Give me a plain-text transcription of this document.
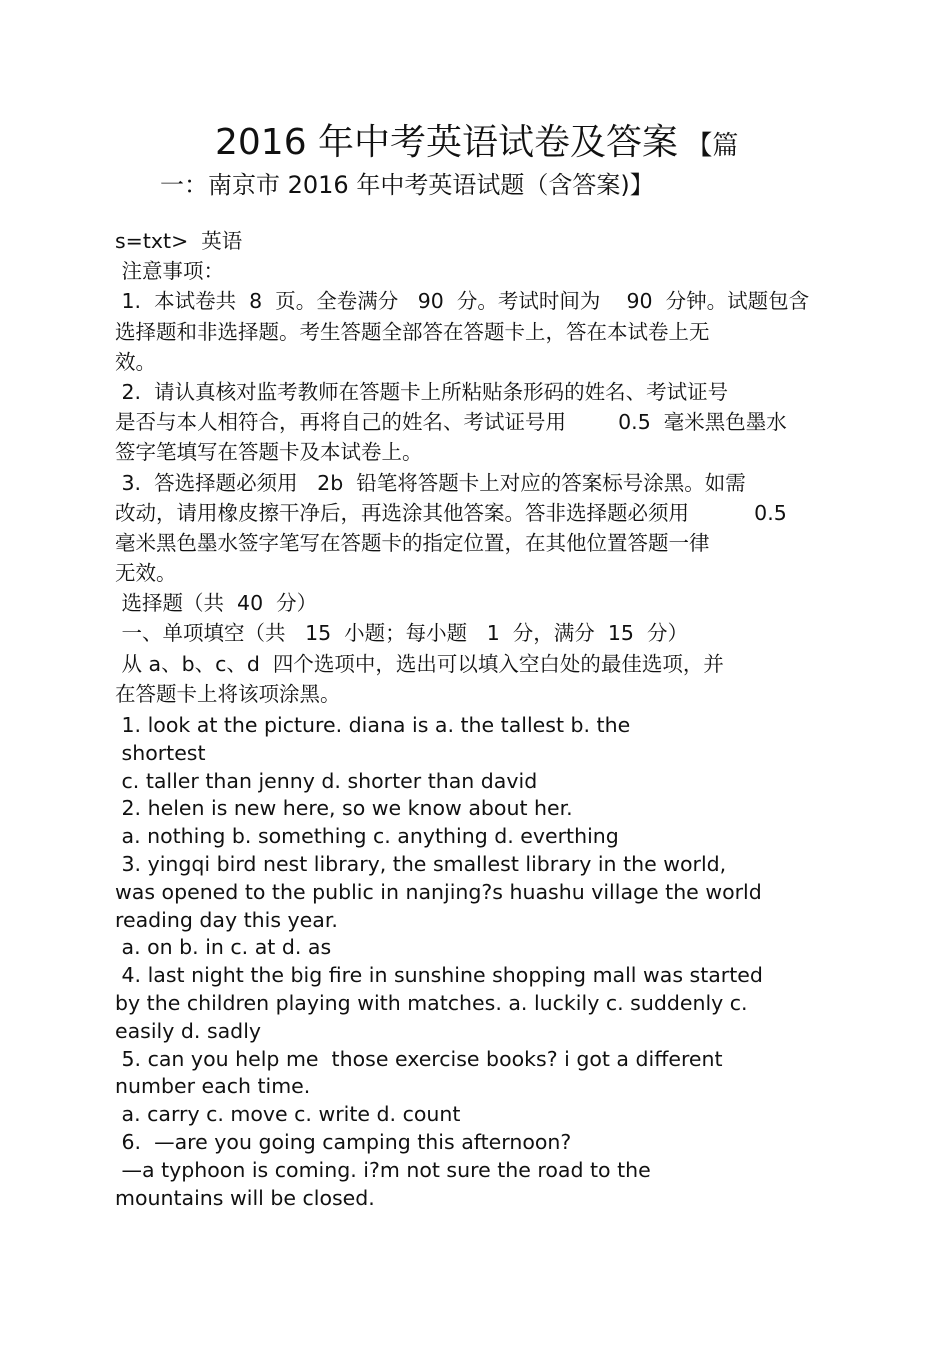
2016 年中考英语试卷及答案 【篇
一：南京市 2016 年中考英语试题（含答案)】
s=txt>  英语
注意事项：
1.  本试卷共  8  页。全卷满分   90  分。考试时间为    90  分钟。试题包含
选择题和非选择题。考生答题全部答在答题卡上，答在本试卷上无
效。
2.  请认真核对监考教师在答题卡上所粘贴条形码的姓名、考试证号
是否与本人相符合，再将自己的姓名、考试证号用        0.5  毫米黑色墨水
签字笔填写在答题卡及本试卷上。
3.  答选择题必须用   2b  铅笔将答题卡上对应的答案标号涂黑。如需
改动，请用橡皮擦干净后，再选涂其他答案。答非选择题必须用          0.5
毫米黑色墨水签字笔写在答题卡的指定位置，在其他位置答题一律
无效。
选择题（共  40  分）
一、单项填空（共   15  小题；每小题   1  分，满分  15  分）
从 a、b、c、d  四个选项中，选出可以填入空白处的最佳选项，并
在答题卡上将该项涂黑。
1. look at the picture. diana is a. the tallest b. the
shortest
c. taller than jenny d. shorter than david
2. helen is new here, so we know about her.
a. nothing b. something c. anything d. everthing
3. yingqi bird nest library, the smallest library in the world,
was opened to the public in nanjing?s huashu village the world
reading day this year.
a. on b. in c. at d. as
4. last night the big fire in sunshine shopping mall was started
by the children playing with matches. a. luckily c. suddenly c.
easily d. sadly
5. can you help me  those exercise books? i got a different
number each time.
a. carry c. move c. write d. count
6.  —are you going camping this afternoon?
—a typhoon is coming. i?m not sure the road to the
mountains will be closed.
